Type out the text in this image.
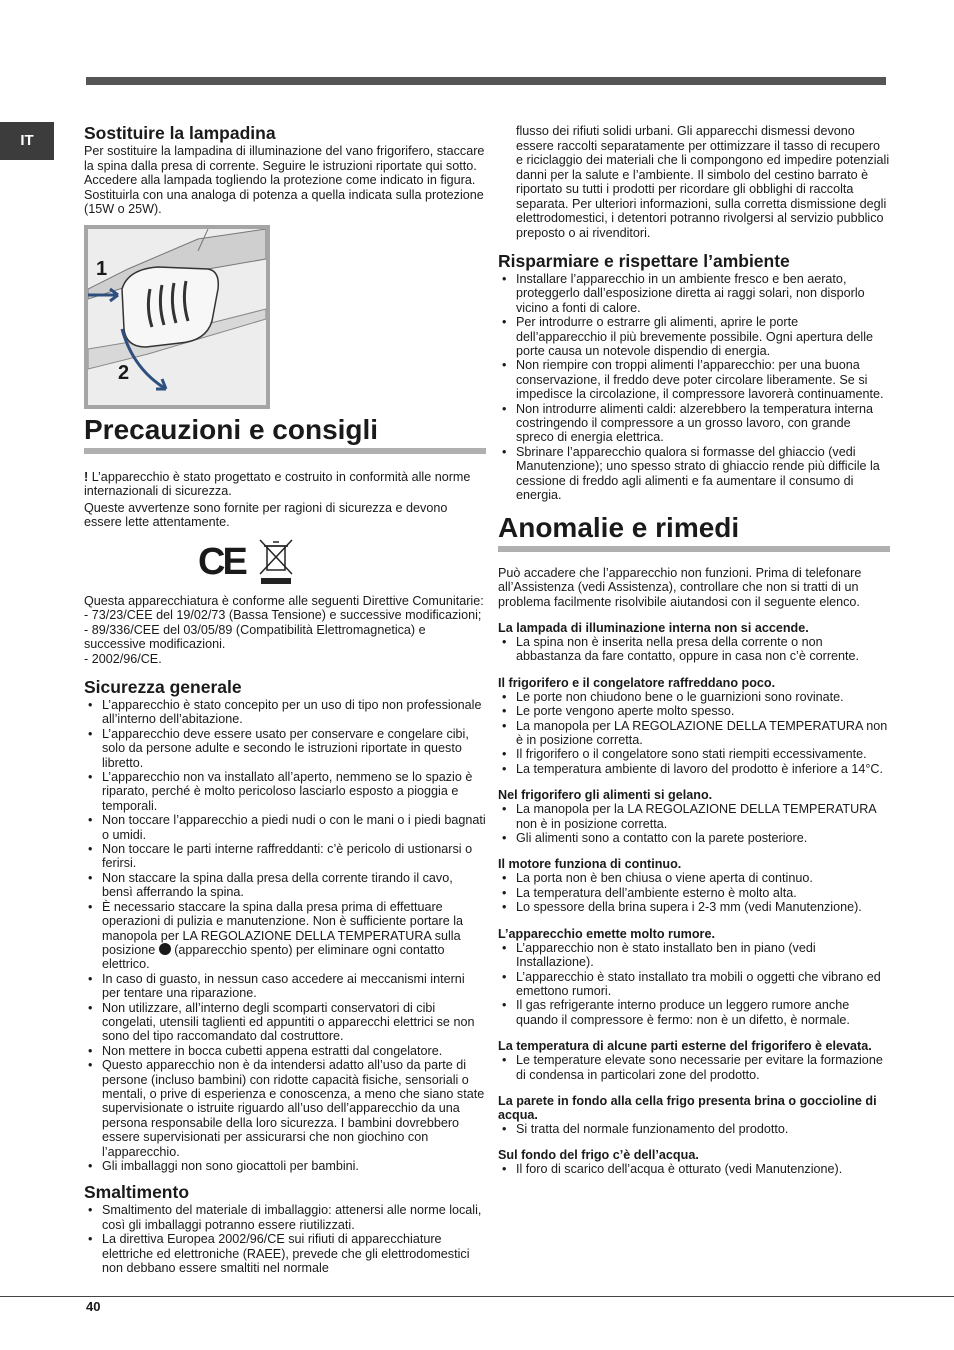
IT	Sostituire la lampadina

Per sostituire la lampadina di illuminazione del vano frigorifero, staccare la spina dalla presa di corrente. Seguire le istruzioni riportate qui sotto. Accedere alla lampada togliendo la protezione come indicato in figura. Sostituirla con una analoga di potenza a quella indicata sulla protezione (15W o 25W).

1
2
Precauzioni e consigli

! L’apparecchio è stato progettato e costruito in conformità alle norme internazionali di sicurezza.

Queste avvertenze sono fornite per ragioni di sicurezza e devono essere lette attentamente.

CE

Questa apparecchiatura è conforme alle seguenti Direttive Comunitarie:

- 73/23/CEE del 19/02/73 (Bassa Tensione) e successive modificazioni;

- 89/336/CEE del 03/05/89 (Compatibilità Elettromagnetica) e successive modificazioni.

- 2002/96/CE.

Sicurezza generale
• L’apparecchio è stato concepito per un uso di tipo non professionale all’interno dell’abitazione.
• L’apparecchio deve essere usato per conservare e congelare cibi, solo da persone adulte e secondo le istruzioni riportate in questo libretto.
• L’apparecchio non va installato all’aperto, nemmeno se lo spazio è riparato, perché è molto pericoloso lasciarlo esposto a pioggia e temporali.
• Non toccare l’apparecchio a piedi nudi o con le mani o i piedi bagnati o umidi.
• Non toccare le parti interne raffreddanti: c’è pericolo di ustionarsi o ferirsi.
• Non staccare la spina dalla presa della corrente tirando il cavo, bensì afferrando la spina.
• È necessario staccare la spina dalla presa prima di effettuare operazioni di pulizia e manutenzione. Non è sufficiente portare la manopola per LA REGOLAZIONE DELLA TEMPERATURA sulla posizione  (apparecchio spento) per eliminare ogni contatto elettrico.
• In caso di guasto, in nessun caso accedere ai meccanismi interni per tentare una riparazione.
• Non utilizzare, all’interno degli scomparti conservatori di cibi congelati, utensili taglienti ed appuntiti o apparecchi elettrici se non sono del tipo raccomandato dal costruttore.
• Non mettere in bocca cubetti appena estratti dal congelatore.
• Questo apparecchio non è da intendersi adatto all’uso da parte di persone (incluso bambini) con ridotte capacità fisiche, sensoriali o mentali, o prive di esperienza e conoscenza, a meno che siano state supervisionate o istruite riguardo all’uso dell’apparecchio da una persona responsabile della loro sicurezza. I bambini dovrebbero essere supervisionati per assicurarsi che non giochino con l’apparecchio.
• Gli imballaggi non sono giocattoli per bambini.
Smaltimento
• Smaltimento del materiale di imballaggio: attenersi alle norme locali, così gli imballaggi potranno essere riutilizzati.
• La direttiva Europea 2002/96/CE sui rifiuti di apparecchiature elettriche ed elettroniche (RAEE), prevede che gli elettrodomestici non debbano essere smaltiti nel normale

flusso dei rifiuti solidi urbani. Gli apparecchi dismessi devono essere raccolti separatamente per ottimizzare il tasso di recupero e riciclaggio dei materiali che li compongono ed impedire potenziali danni per la salute e l’ambiente. Il simbolo del cestino barrato è riportato su tutti i prodotti per ricordare gli obblighi di raccolta separata. Per ulteriori informazioni, sulla corretta dismissione degli elettrodomestici, i detentori potranno rivolgersi al servizio pubblico preposto o ai rivenditori.

Risparmiare e rispettare l’ambiente
• Installare l’apparecchio in un ambiente fresco e ben aerato, proteggerlo dall’esposizione diretta ai raggi solari, non disporlo vicino a fonti di calore.
• Per introdurre o estrarre gli alimenti, aprire le porte dell’apparecchio il più brevemente possibile. Ogni apertura delle porte causa un notevole dispendio di energia.
• Non riempire con troppi alimenti l’apparecchio: per una buona conservazione, il freddo deve poter circolare liberamente. Se si impedisce la circolazione, il compressore lavorerà continuamente.
• Non introdurre alimenti caldi: alzerebbero la temperatura interna costringendo il compressore a un grosso lavoro, con grande spreco di energia elettrica.
• Sbrinare l’apparecchio qualora si formasse del ghiaccio (vedi Manutenzione); uno spesso strato di ghiaccio rende più difficile la cessione di freddo agli alimenti e fa aumentare il consumo di energia.
Anomalie e rimedi

Può accadere che l’apparecchio non funzioni. Prima di telefonare all’Assistenza (vedi Assistenza), controllare che non si tratti di un problema facilmente risolvibile aiutandosi con il seguente elenco.

La lampada di illuminazione interna non si accende.

• La spina non è inserita nella presa della corrente o non abbastanza da fare contatto, oppure in casa non c’è corrente.

Il frigorifero e il congelatore raffreddano poco.

• Le porte non chiudono bene o le guarnizioni sono rovinate.
• Le porte vengono aperte molto spesso.
• La manopola per LA REGOLAZIONE DELLA TEMPERATURA non è in posizione corretta.
• Il frigorifero o il congelatore sono stati riempiti eccessivamente.
• La temperatura ambiente di lavoro del prodotto è inferiore a 14°C.

Nel frigorifero gli alimenti si gelano.

• La manopola per la LA REGOLAZIONE DELLA TEMPERATURA non è in posizione corretta.
• Gli alimenti sono a contatto con la parete posteriore.

Il motore funziona di continuo.

• La porta non è ben chiusa o viene aperta di continuo.
• La temperatura dell’ambiente esterno è molto alta.
• Lo spessore della brina supera i 2-3 mm (vedi Manutenzione).

L’apparecchio emette molto rumore.

• L’apparecchio non è stato installato ben in piano (vedi Installazione).
• L’apparecchio è stato installato tra mobili o oggetti che vibrano ed emettono rumori.
• Il gas refrigerante interno produce un leggero rumore anche quando il compressore è fermo: non è un difetto, è normale.

La temperatura di alcune parti esterne del frigorifero è elevata.

• Le temperature elevate sono necessarie per evitare la formazione di condensa in particolari zone del prodotto.

La parete in fondo alla cella frigo presenta brina o goccioline di acqua.

• Si tratta del normale funzionamento del prodotto.

Sul fondo del frigo c’è dell’acqua.

• Il foro di scarico dell’acqua è otturato (vedi Manutenzione).
40
